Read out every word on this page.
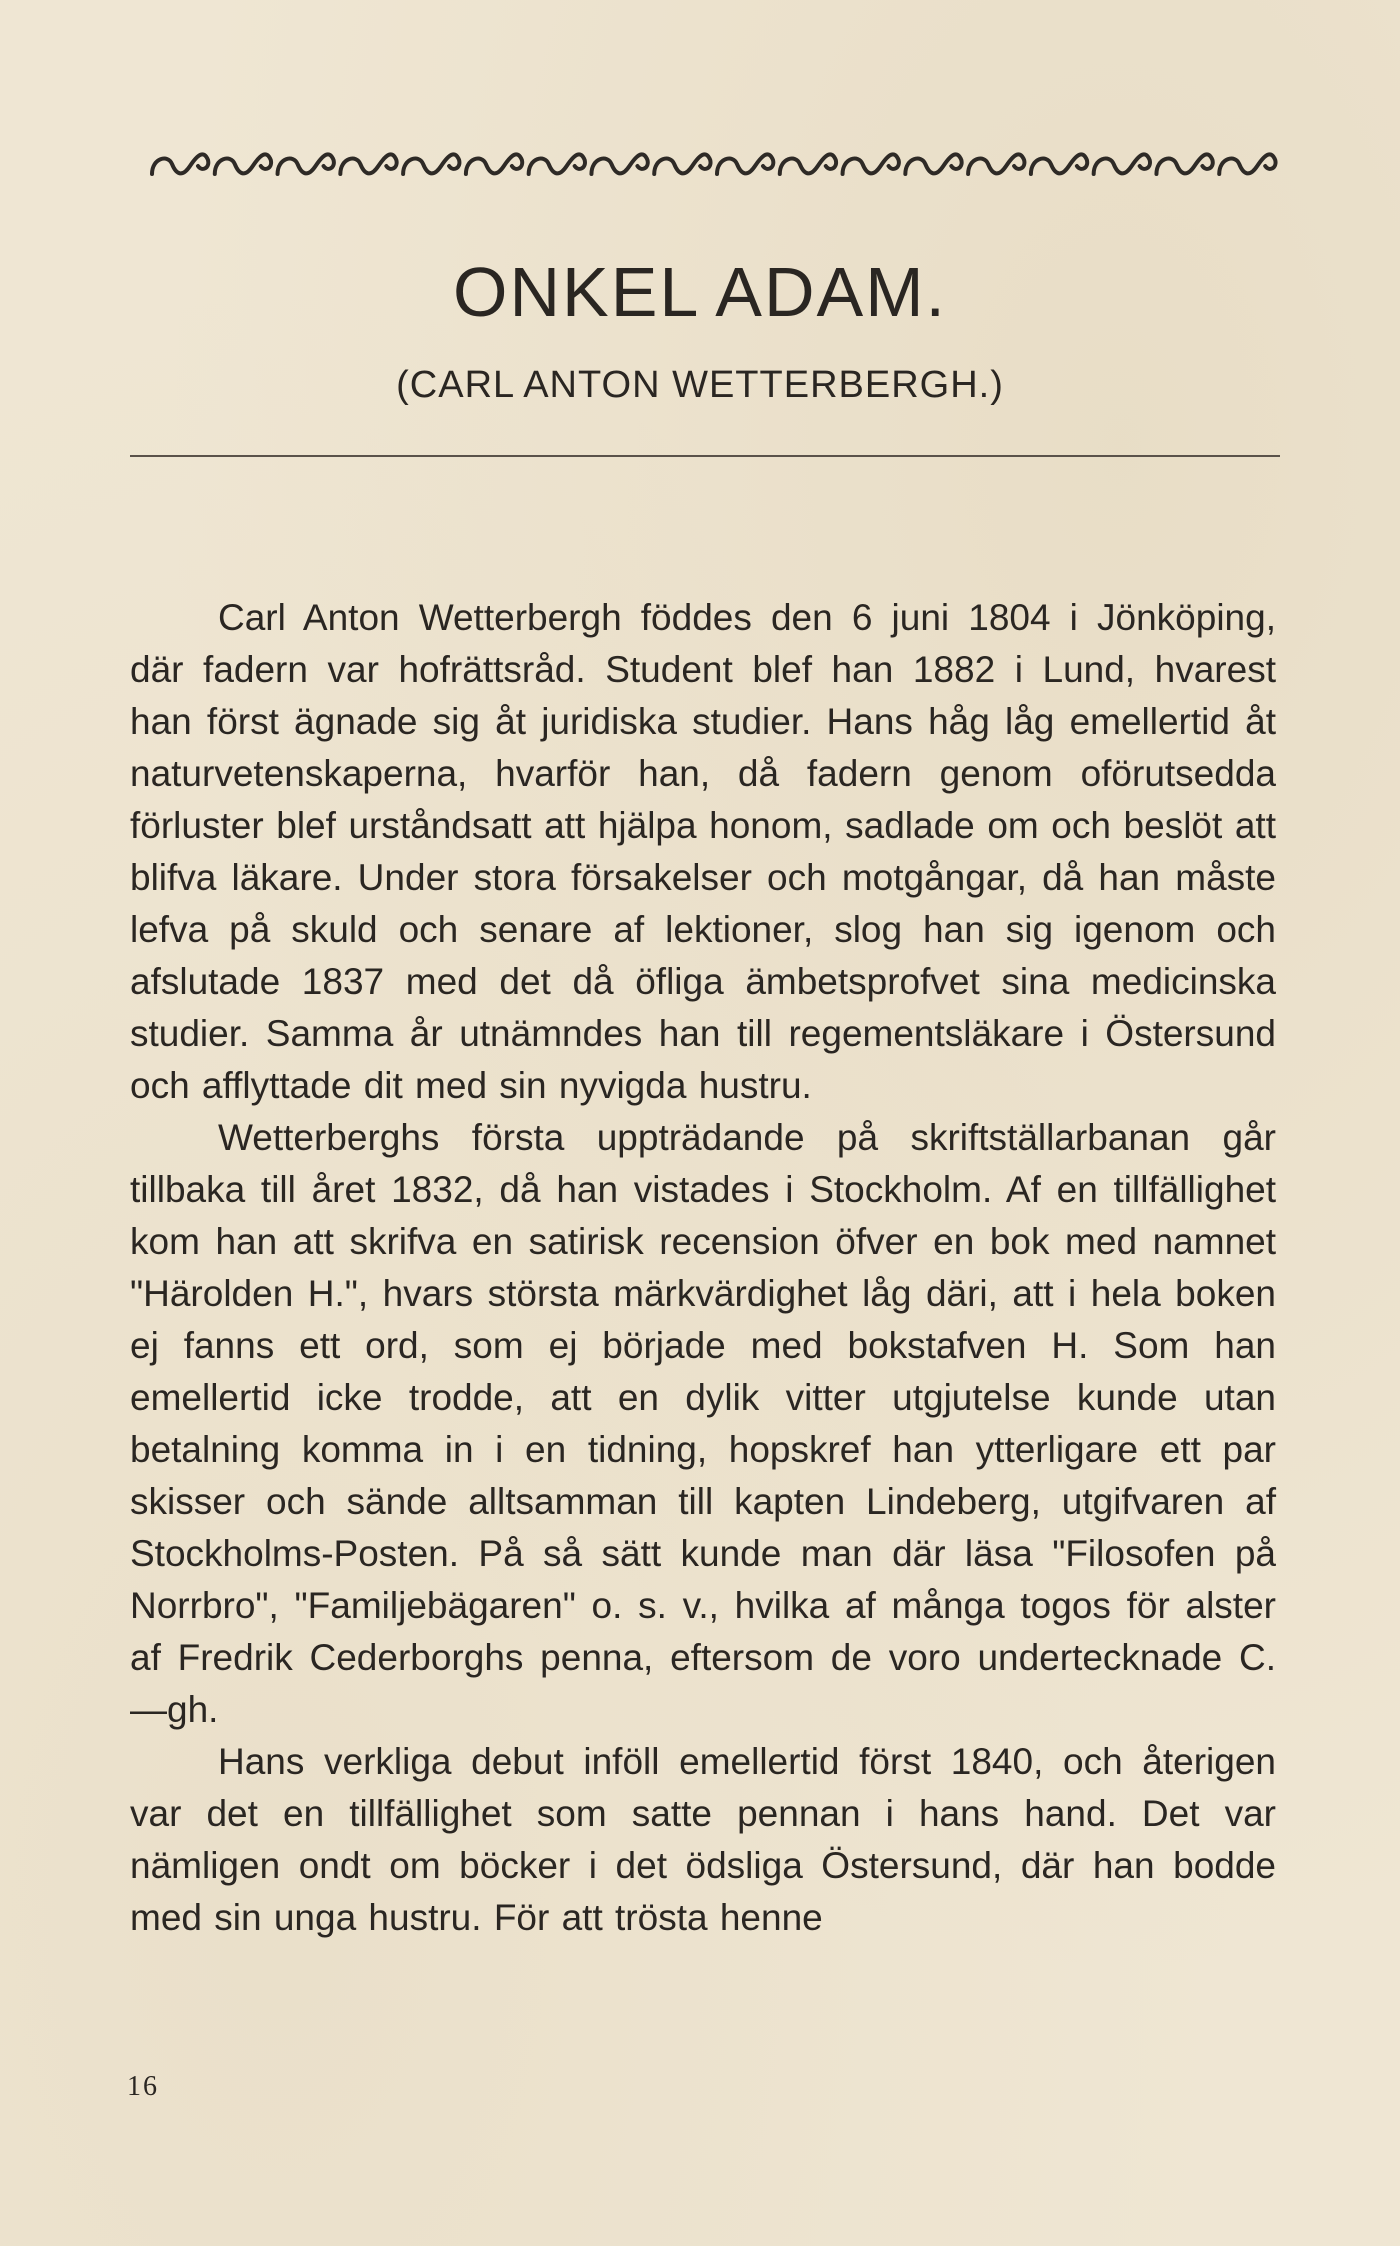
ONKEL ADAM.
(CARL ANTON WETTERBERGH.)

Carl Anton Wetterbergh föddes den 6 juni 1804 i Jönköping, där fadern var hofrättsråd. Student blef han 1882 i Lund, hvarest han först ägnade sig åt juridiska studier. Hans håg låg emellertid åt naturvetenskaperna, hvarför han, då fadern genom oförutsedda förluster blef urståndsatt att hjälpa honom, sadlade om och beslöt att blifva läkare. Under stora försakelser och motgångar, då han måste lefva på skuld och senare af lektioner, slog han sig igenom och afslutade 1837 med det då öfliga ämbetsprofvet sina medicinska studier. Samma år utnämndes han till regementsläkare i Östersund och afflyttade dit med sin nyvigda hustru.

Wetterberghs första uppträdande på skriftställarbanan går tillbaka till året 1832, då han vistades i Stockholm. Af en tillfällighet kom han att skrifva en satirisk recension öfver en bok med namnet "Härolden H.", hvars största märkvärdighet låg däri, att i hela boken ej fanns ett ord, som ej började med bokstafven H. Som han emellertid icke trodde, att en dylik vitter utgjutelse kunde utan betalning komma in i en tidning, hopskref han ytterligare ett par skisser och sände alltsamman till kapten Lindeberg, utgifvaren af Stockholms-Posten. På så sätt kunde man där läsa "Filosofen på Norrbro", "Familjebägaren" o. s. v., hvilka af många togos för alster af Fredrik Cederborghs penna, eftersom de voro undertecknade C.—gh.

Hans verkliga debut inföll emellertid först 1840, och återigen var det en tillfällighet som satte pennan i hans hand. Det var nämligen ondt om böcker i det ödsliga Östersund, där han bodde med sin unga hustru. För att trösta henne

16
